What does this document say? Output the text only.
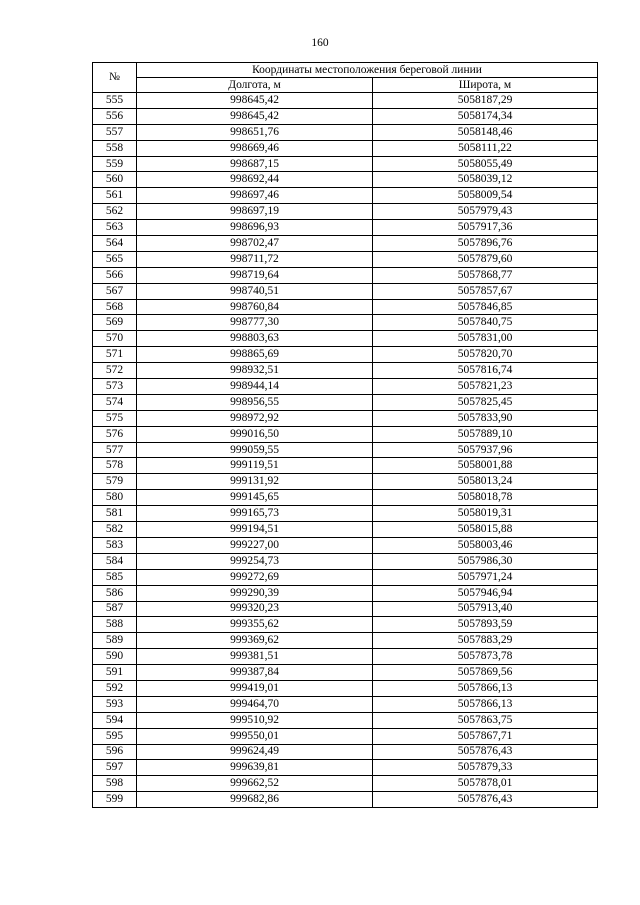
160
№	Координаты местоположения береговой линии	
	Долгота, м	Широта, м
555	998645,42	5058187,29
556	998645,42	5058174,34
557	998651,76	5058148,46
558	998669,46	5058111,22
559	998687,15	5058055,49
560	998692,44	5058039,12
561	998697,46	5058009,54
562	998697,19	5057979,43
563	998696,93	5057917,36
564	998702,47	5057896,76
565	998711,72	5057879,60
566	998719,64	5057868,77
567	998740,51	5057857,67
568	998760,84	5057846,85
569	998777,30	5057840,75
570	998803,63	5057831,00
571	998865,69	5057820,70
572	998932,51	5057816,74
573	998944,14	5057821,23
574	998956,55	5057825,45
575	998972,92	5057833,90
576	999016,50	5057889,10
577	999059,55	5057937,96
578	999119,51	5058001,88
579	999131,92	5058013,24
580	999145,65	5058018,78
581	999165,73	5058019,31
582	999194,51	5058015,88
583	999227,00	5058003,46
584	999254,73	5057986,30
585	999272,69	5057971,24
586	999290,39	5057946,94
587	999320,23	5057913,40
588	999355,62	5057893,59
589	999369,62	5057883,29
590	999381,51	5057873,78
591	999387,84	5057869,56
592	999419,01	5057866,13
593	999464,70	5057866,13
594	999510,92	5057863,75
595	999550,01	5057867,71
596	999624,49	5057876,43
597	999639,81	5057879,33
598	999662,52	5057878,01
599	999682,86	5057876,43
